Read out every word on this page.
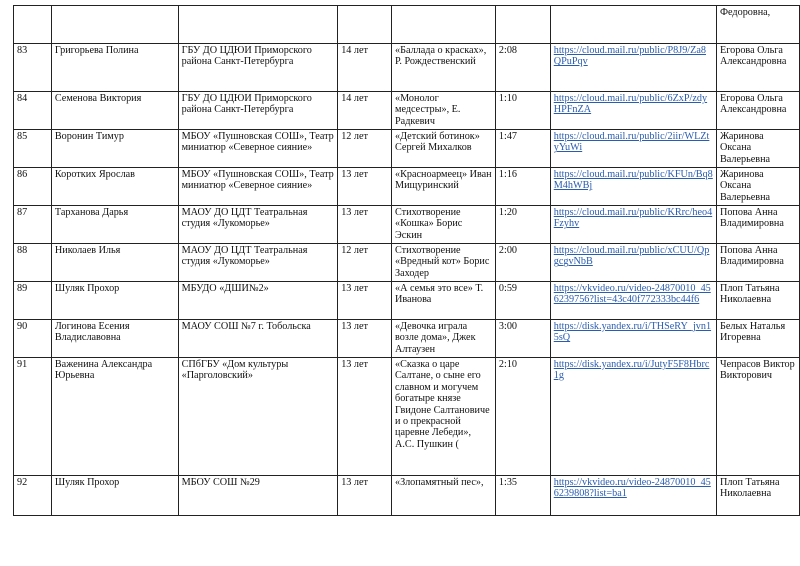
							Федоровна,
83	Григорьева Полина	ГБУ ДО ЦДЮИ Приморского района Санкт-Петербурга	14 лет	«Баллада о красках», Р. Рождественский	2:08	https://cloud.mail.ru/public/P8J9/Za8QPuPqv	Егорова Ольга Александровна
84	Семенова Виктория	ГБУ ДО ЦДЮИ Приморского района Санкт-Петербурга	14 лет	«Монолог медсестры», Е. Радкевич	1:10	https://cloud.mail.ru/public/6ZxP/zdyHPFnZA	Егорова Ольга Александровна
85	Воронин Тимур	МБОУ «Пушновская СОШ», Театр миниатюр «Северное сияние»	12 лет	«Детский ботинок» Сергей Михалков	1:47	https://cloud.mail.ru/public/2iir/WLZtyYuWi	Жаринова Оксана Валерьевна
86	Коротких Ярослав	МБОУ «Пушновская СОШ», Театр миниатюр «Северное сияние»	13 лет	«Красноармеец» Иван Мищуринский	1:16	https://cloud.mail.ru/public/KFUn/Bq8M4hWBj	Жаринова Оксана Валерьевна
87	Тарханова Дарья	МАОУ ДО ЦДТ Театральная студия «Лукоморье»	13 лет	Стихотворение «Кошка» Борис Эскин	1:20	https://cloud.mail.ru/public/KRrc/heo4Fzyhv	Попова Анна Владимировна
88	Николаев Илья	МАОУ ДО ЦДТ Театральная студия «Лукоморье»	12 лет	Стихотворение «Вредный кот» Борис Заходер	2:00	https://cloud.mail.ru/public/xCUU/QpgcgvNbB	Попова Анна Владимировна
89	Шуляк Прохор	МБУДО «ДШИ№2»	13 лет	«А семья это все» Т. Иванова	0:59	https://vkvideo.ru/video-24870010_456239756?list=43c40f772333bc44f6	Плоп Татьяна Николаевна
90	Логинова Есения Владиславовна	МАОУ СОШ №7 г. Тобольска	13 лет	«Девочка играла возле дома», Джек Алтаузен	3:00	https://disk.yandex.ru/i/THSeRY_jvn15sQ	Белых Наталья Игоревна
91	Важенина Александра Юрьевна	СПбГБУ «Дом культуры «Парголовский»	13 лет	«Сказка о царе Салтане, о сыне его славном и могучем богатыре князе Гвидоне Салтановиче и о прекрасной царевне Лебеди», А.С. Пушкин (	2:10	https://disk.yandex.ru/i/JutyF5F8Hbrc1g	Чепрасов Виктор Викторович
92	Шуляк Прохор	МБОУ СОШ №29	13 лет	«Злопамятный пес»,	1:35	https://vkvideo.ru/video-24870010_456239808?list=ba1	Плоп Татьяна Николаевна
